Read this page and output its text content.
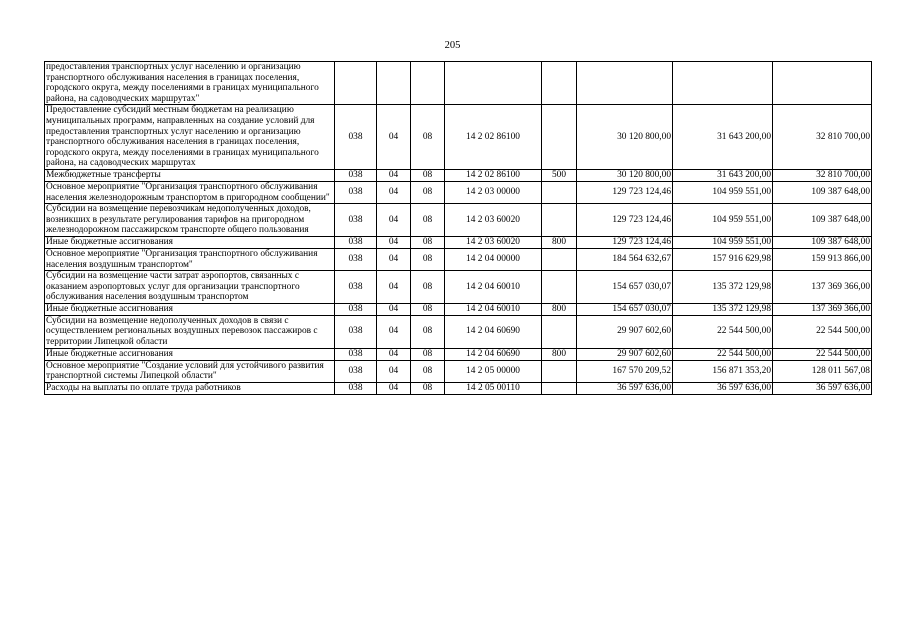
205
предоставления транспортных услуг населению и организацию транспортного обслуживания населения в границах поселения, городского округа, между поселениями в границах муниципального района, на садоводческих маршрутах"								
Предоставление субсидий местным бюджетам на реализацию муниципальных программ, направленных на создание условий для предоставления транспортных услуг населению и организацию транспортного обслуживания населения в границах поселения, городского округа, между поселениями в границах муниципального района, на садоводческих маршрутах	038	04	08	14 2 02 86100		30 120 800,00	31 643 200,00	32 810 700,00
Межбюджетные трансферты	038	04	08	14 2 02 86100	500	30 120 800,00	31 643 200,00	32 810 700,00
Основное мероприятие "Организация транспортного обслуживания населения железнодорожным транспортом в пригородном сообщении"	038	04	08	14 2 03 00000		129 723 124,46	104 959 551,00	109 387 648,00
Субсидии на возмещение перевозчикам недополученных доходов, возникших в результате регулирования тарифов на пригородном железнодорожном пассажирском транспорте общего пользования	038	04	08	14 2 03 60020		129 723 124,46	104 959 551,00	109 387 648,00
Иные бюджетные ассигнования	038	04	08	14 2 03 60020	800	129 723 124,46	104 959 551,00	109 387 648,00
Основное мероприятие "Организация транспортного обслуживания населения воздушным транспортом"	038	04	08	14 2 04 00000		184 564 632,67	157 916 629,98	159 913 866,00
Субсидии на возмещение части затрат аэропортов, связанных с оказанием аэропортовых услуг для организации транспортного обслуживания населения воздушным транспортом	038	04	08	14 2 04 60010		154 657 030,07	135 372 129,98	137 369 366,00
Иные бюджетные ассигнования	038	04	08	14 2 04 60010	800	154 657 030,07	135 372 129,98	137 369 366,00
Субсидии на возмещение недополученных доходов в связи с осуществлением региональных воздушных перевозок пассажиров с территории Липецкой области	038	04	08	14 2 04 60690		29 907 602,60	22 544 500,00	22 544 500,00
Иные бюджетные ассигнования	038	04	08	14 2 04 60690	800	29 907 602,60	22 544 500,00	22 544 500,00
Основное мероприятие "Создание условий для устойчивого развития транспортной системы Липецкой области"	038	04	08	14 2 05 00000		167 570 209,52	156 871 353,20	128 011 567,08
Расходы на выплаты по оплате труда работников	038	04	08	14 2 05 00110		36 597 636,00	36 597 636,00	36 597 636,00
